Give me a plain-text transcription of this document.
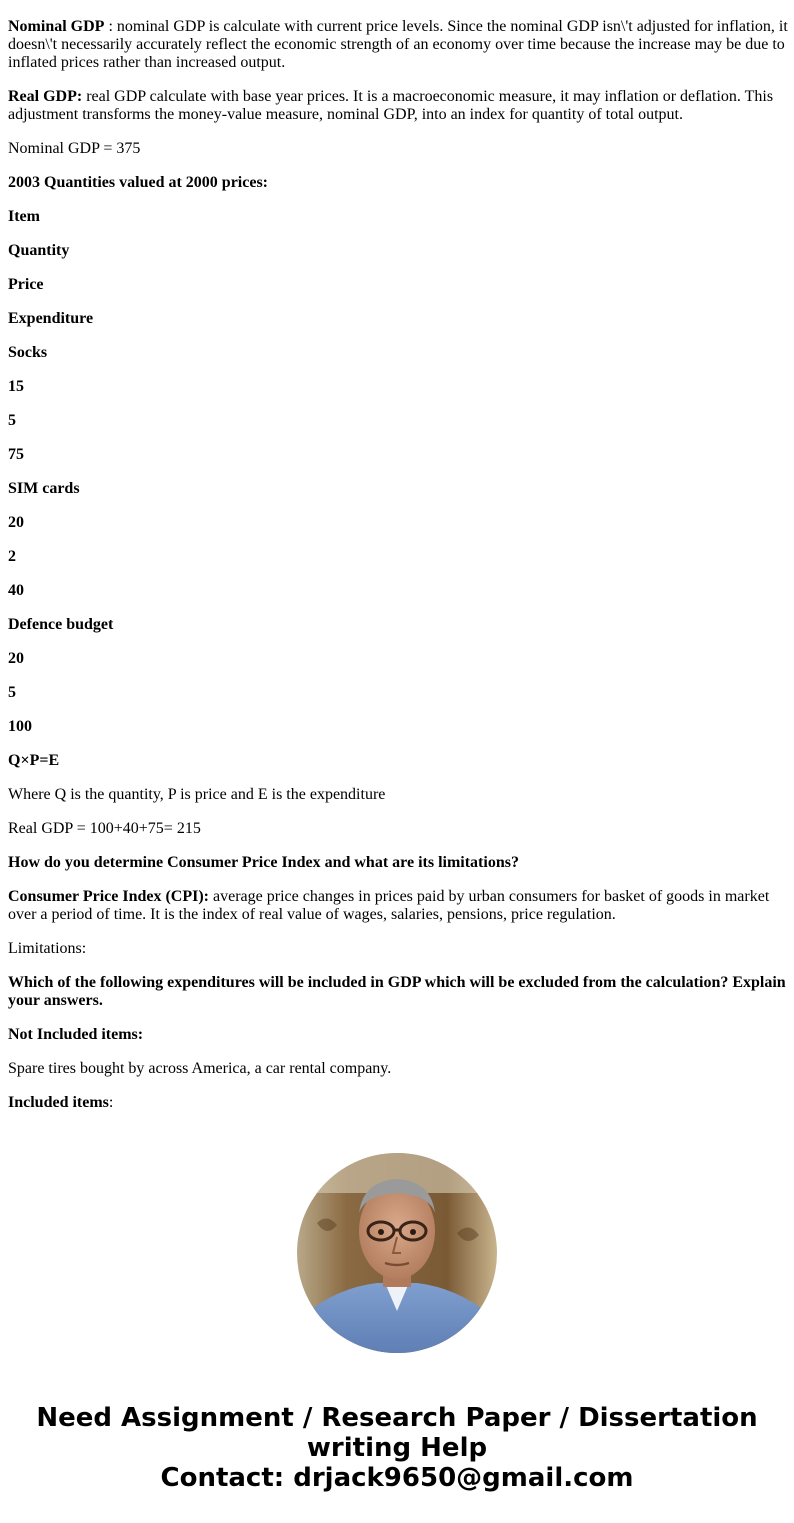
Nominal GDP : nominal GDP is calculate with current price levels. Since the nominal GDP isn\'t adjusted for inflation, it doesn\'t necessarily accurately reflect the economic strength of an economy over time because the increase may be due to inflated prices rather than increased output.

Real GDP: real GDP calculate with base year prices. It is a macroeconomic measure, it may inflation or deflation. This adjustment transforms the money-value measure, nominal GDP, into an index for quantity of total output.

Nominal GDP = 375

2003 Quantities valued at 2000 prices:

Item

Quantity

Price

Expenditure

Socks

15

5

75

SIM cards

20

2

40

Defence budget

20

5

100

Q×P=E

Where Q is the quantity, P is price and E is the expenditure

Real GDP = 100+40+75= 215

How do you determine Consumer Price Index and what are its limitations?

Consumer Price Index (CPI): average price changes in prices paid by urban consumers for basket of goods in market over a period of time. It is the index of real value of wages, salaries, pensions, price regulation.

Limitations:

Which of the following expenditures will be included in GDP which will be excluded from the calculation? Explain your answers.

Not Included items:

Spare tires bought by across America, a car rental company.

Included items:

Need Assignment / Research Paper / Dissertation
writing Help
Contact: drjack9650@gmail.com
